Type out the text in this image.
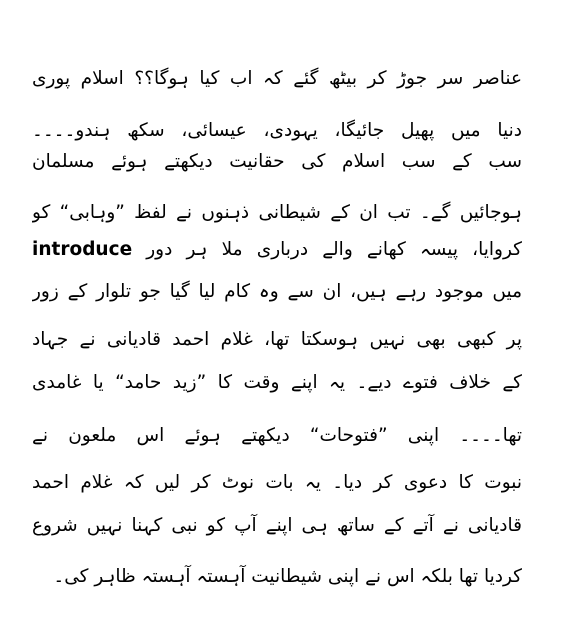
عناصر سر جوڑ کر بیٹھ گئے کہ اب کیا ہوگا؟؟ اسلام پوری
دنیا میں پھیل جائیگا، یہودی، عیسائی، سکھ ہندو۔۔۔۔
سب کے سب اسلام کی حقانیت دیکھتے ہوئے مسلمان
ہوجائیں گے۔ تب ان کے شیطانی ذہنوں نے لفظ ”وہابی“ کو
کروایا، پیسہ کھانے والے درباری ملا ہر دور introduce
میں موجود رہے ہیں، ان سے وہ کام لیا گیا جو تلوار کے زور
پر کبھی بھی نہیں ہوسکتا تھا، غلام احمد قادیانی نے جہاد
کے خلاف فتوے دیے۔ یہ اپنے وقت کا ”زید حامد“ یا غامدی
تھا۔۔۔۔ اپنی ”فتوحات“ دیکھتے ہوئے اس ملعون نے
نبوت کا دعوی کر دیا۔ یہ بات نوٹ کر لیں کہ غلام احمد
قادیانی نے آتے کے ساتھ ہی اپنے آپ کو نبی کہنا نہیں شروع
کردیا تھا بلکہ اس نے اپنی شیطانیت آہستہ آہستہ ظاہر کی۔
